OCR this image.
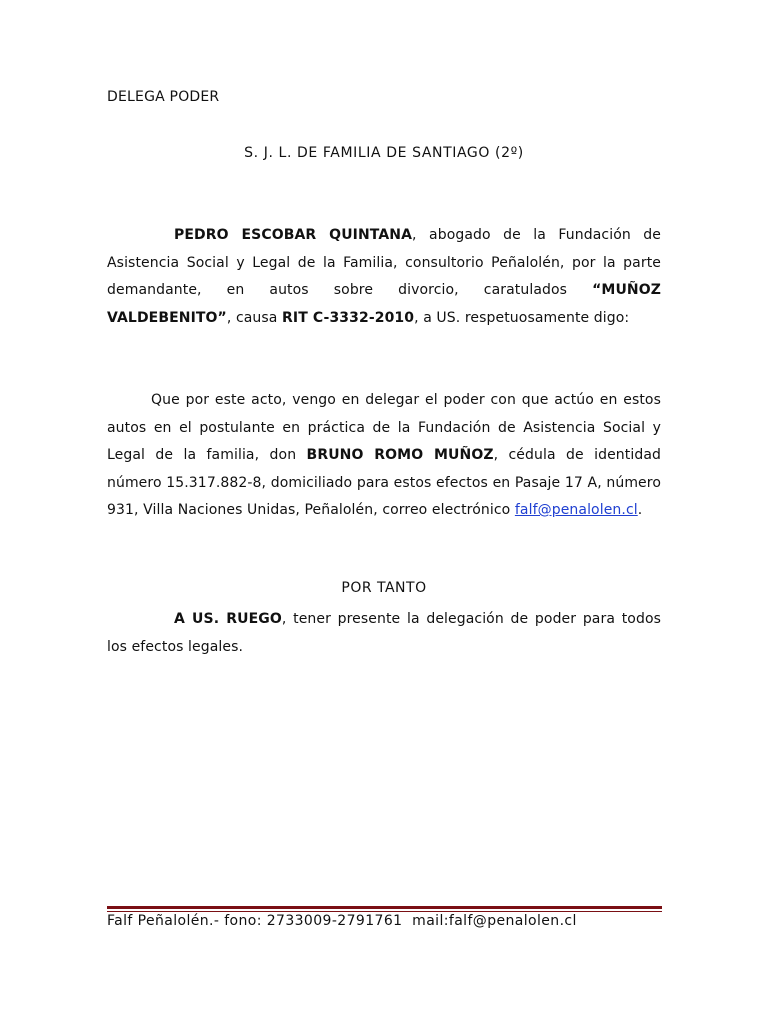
DELEGA PODER
S. J. L. DE FAMILIA DE SANTIAGO (2º)
PEDRO ESCOBAR QUINTANA, abogado de la Fundación de Asistencia Social y Legal de la Familia, consultorio Peñalolén, por la parte demandante, en autos sobre divorcio, caratulados “MUÑOZ VALDEBENITO”, causa RIT C-3332-2010, a US. respetuosamente digo:
Que por este acto, vengo en delegar el poder con que actúo en estos autos en el postulante en práctica de la Fundación de Asistencia Social y Legal de la familia, don BRUNO ROMO MUÑOZ, cédula de identidad número 15.317.882-8, domiciliado para estos efectos en Pasaje 17 A, número 931, Villa Naciones Unidas, Peñalolén, correo electrónico falf@penalolen.cl.
POR TANTO
A US. RUEGO, tener presente la delegación de poder para todos los efectos legales.
Falf Peñalolén.- fono: 2733009-2791761  mail:falf@penalolen.cl
